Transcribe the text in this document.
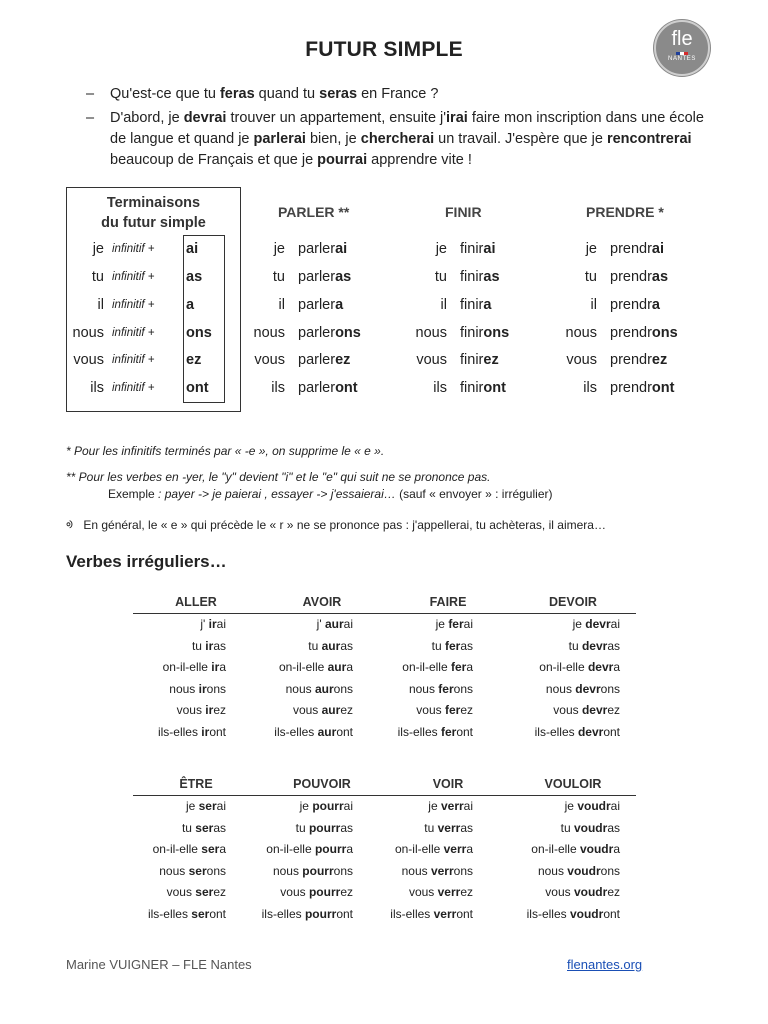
FUTUR SIMPLE	fle
NANTES
– Qu'est-ce que tu feras quand tu seras en France ?
– D'abord, je devrai trouver un appartement, ensuite j'irai faire mon inscription dans une école de langue et quand je parlerai bien, je chercherai un travail. J'espère que je rencontrerai beaucoup de Français et que je pourrai apprendre vite !
Terminaisons
du futur simple
je infinitif + ai
tu infinitif + as
il infinitif + a
nous infinitif + ons
vous infinitif + ez
ils infinitif + ont
PARLER **
je parlerai
tu parleras
il parlera
nous parlerons
vous parlerez
ils parleront
FINIR
je finirai
tu finiras
il finira
nous finirons
vous finirez
ils finiront
PRENDRE *
je prendrai
tu prendras
il prendra
nous prendrons
vous prendrez
ils prendront
* Pour les infinitifs terminés par « -e », on supprime le « e ».
** Pour les verbes en -yer, le "y" devient "i" et le "e" qui suit ne se prononce pas.
Exemple : payer -> je paierai , essayer -> j'essaierai… (sauf « envoyer » : irrégulier)
ᢀ En général, le « e » qui précède le « r » ne se prononce pas : j'appellerai, tu achèteras, il aimera…
Verbes irréguliers…
ALLER
j' irai
tu iras
on-il-elle ira
nous irons
vous irez
ils-elles iront
AVOIR
j' aurai
tu auras
on-il-elle aura
nous aurons
vous aurez
ils-elles auront
FAIRE
je ferai
tu feras
on-il-elle fera
nous ferons
vous ferez
ils-elles feront
DEVOIR
je devrai
tu devras
on-il-elle devra
nous devrons
vous devrez
ils-elles devront
ÊTRE
je serai
tu seras
on-il-elle sera
nous serons
vous serez
ils-elles seront
POUVOIR
je pourrai
tu pourras
on-il-elle pourra
nous pourrons
vous pourrez
ils-elles pourront
VOIR
je verrai
tu verras
on-il-elle verra
nous verrons
vous verrez
ils-elles verront
VOULOIR
je voudrai
tu voudras
on-il-elle voudra
nous voudrons
vous voudrez
ils-elles voudront
Marine VUIGNER – FLE Nantes	flenantes.org
